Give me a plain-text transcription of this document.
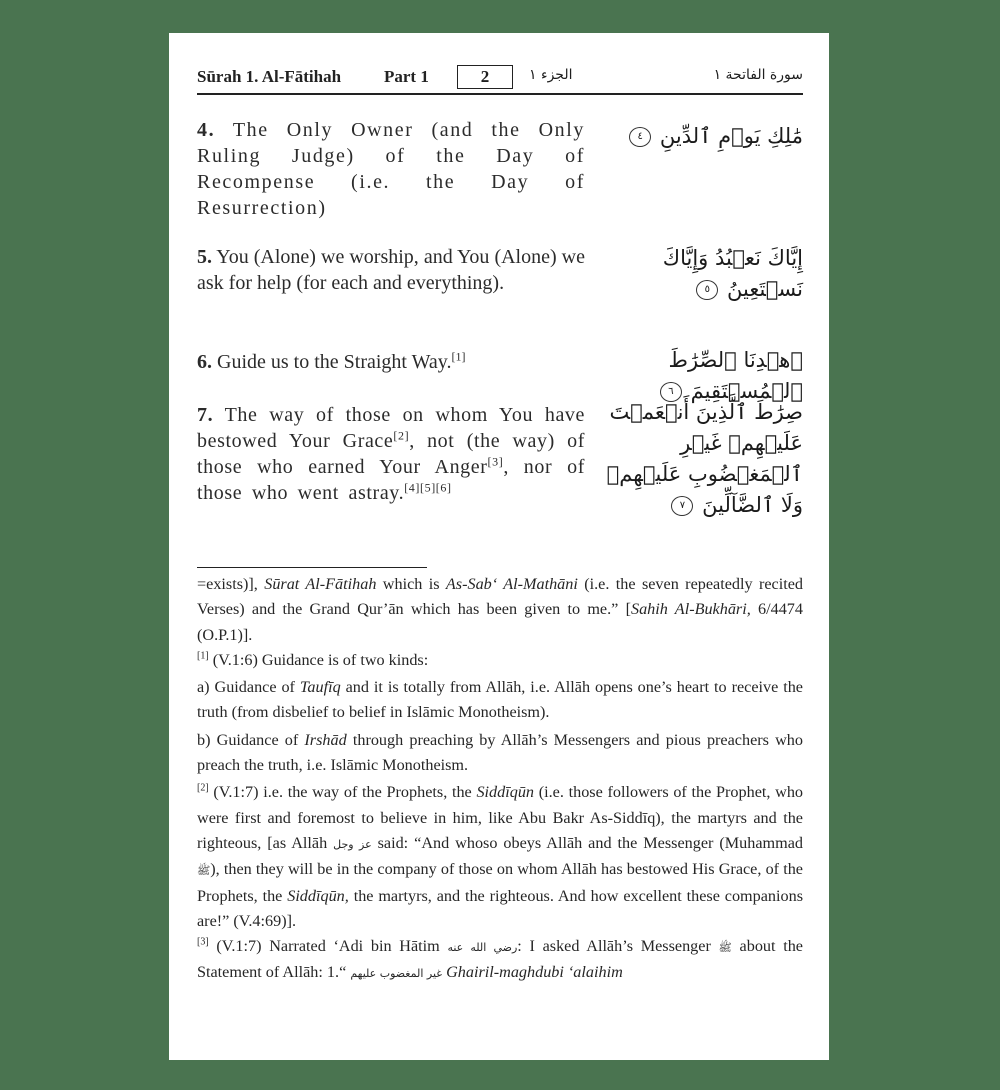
Sūrah 1. Al-Fātihah	Part 1	2	الجزء ١	سورة الفاتحة ١
4. The Only Owner (and the Only Ruling Judge) of the Day of Recompense (i.e. the Day of Resurrection)
مَٰلِكِ يَوۡمِ ٱلدِّينِ ٤
5. You (Alone) we worship, and You (Alone) we ask for help (for each and everything).
إِيَّاكَ نَعۡبُدُ وَإِيَّاكَ نَسۡتَعِينُ ٥
6. Guide us to the Straight Way.[1]	ٱهۡدِنَا ٱلصِّرَٰطَ ٱلۡمُسۡتَقِيمَ ٦
7. The way of those on whom You have bestowed Your Grace[2], not (the way) of those who earned Your Anger[3], nor of those who went astray.[4][5][6]
صِرَٰطَ ٱلَّذِينَ أَنۡعَمۡتَ عَلَيۡهِمۡ غَيۡرِ ٱلۡمَغۡضُوبِ عَلَيۡهِمۡ وَلَا ٱلضَّآلِّينَ ٧

=exists)], Sūrat Al-Fātihah which is As-Sab‘ Al-Mathāni (i.e. the seven repeatedly recited Verses) and the Grand Qur’ān which has been given to me.” [Sahih Al-Bukhāri, 6/4474 (O.P.1)].

[1] (V.1:6) Guidance is of two kinds:

a) Guidance of Taufīq and it is totally from Allāh, i.e. Allāh opens one’s heart to receive the truth (from disbelief to belief in Islāmic Monotheism).

b) Guidance of Irshād through preaching by Allāh’s Messengers and pious preachers who preach the truth, i.e. Islāmic Monotheism.

[2] (V.1:7) i.e. the way of the Prophets, the Siddīqūn (i.e. those followers of the Prophet, who were first and foremost to believe in him, like Abu Bakr As-Siddīq), the martyrs and the righteous, [as Allāh عز وجل said: “And whoso obeys Allāh and the Messenger (Muhammad ﷺ), then they will be in the company of those on whom Allāh has bestowed His Grace, of the Prophets, the Siddīqūn, the martyrs, and the righteous. And how excellent these companions are!” (V.4:69)].

[3] (V.1:7) Narrated ‘Adi bin Hātim رضي الله عنه: I asked Allāh’s Messenger ﷺ about the Statement of Allāh: 1.“ غير المغضوب عليهم Ghairil-maghdubi ‘alaihim
